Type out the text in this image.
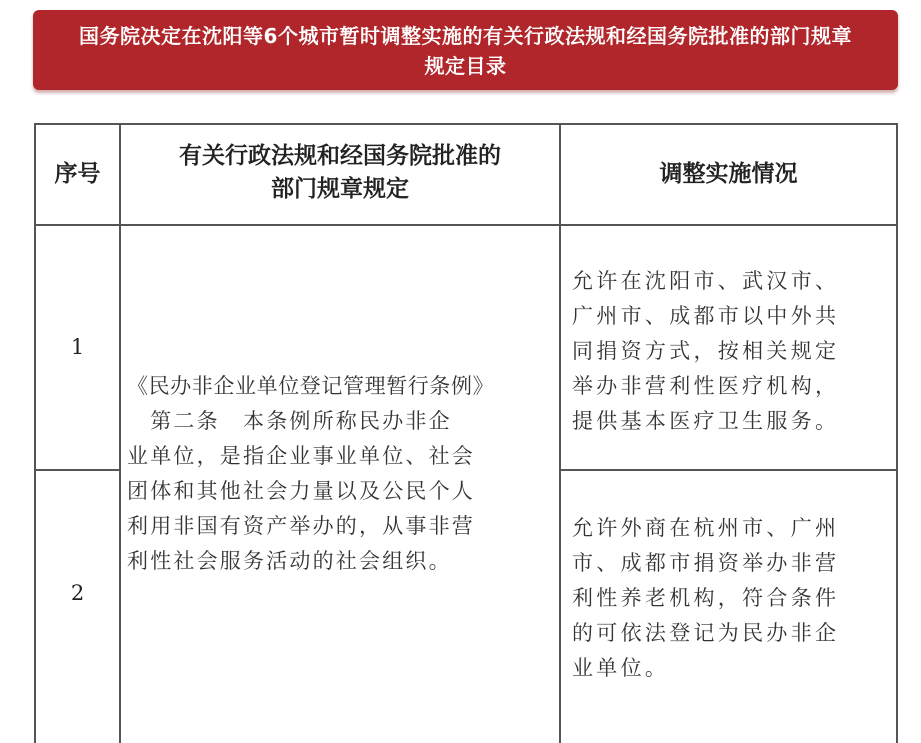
国务院决定在沈阳等6个城市暂时调整实施的有关行政法规和经国务院批准的部门规章
规定目录
序号
有关行政法规和经国务院批准的
部门规章规定
调整实施情况
1
2
《民办非企业单位登记管理暂行条例》
　第二条　本条例所称民办非企
业单位，是指企业事业单位、社会
团体和其他社会力量以及公民个人
利用非国有资产举办的，从事非营
利性社会服务活动的社会组织。
允许在沈阳市、武汉市、
广州市、成都市以中外共
同捐资方式，按相关规定
举办非营利性医疗机构，
提供基本医疗卫生服务。
允许外商在杭州市、广州
市、成都市捐资举办非营
利性养老机构，符合条件
的可依法登记为民办非企
业单位。
